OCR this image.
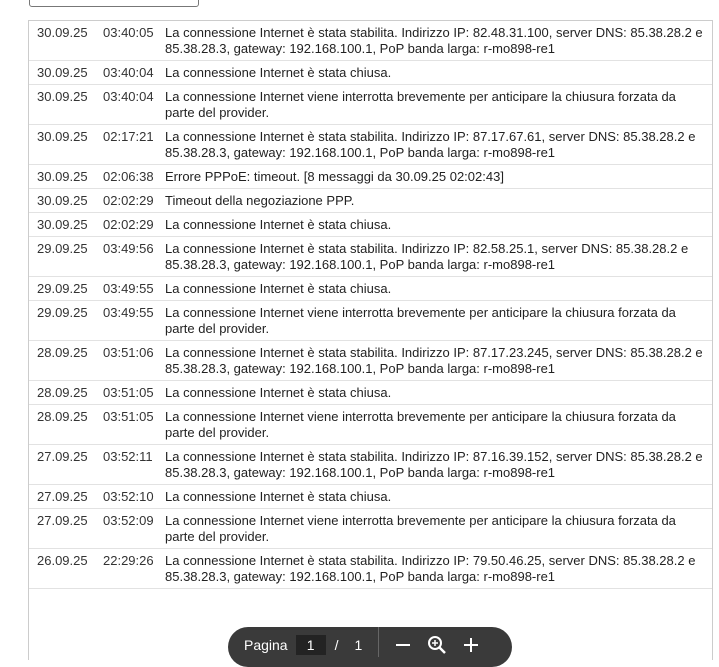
30.09.25	03:40:05 La connessione Internet è stata stabilita. Indirizzo IP: 82.48.31.100, server DNS: 85.38.28.2 e 85.38.28.3, gateway: 192.168.100.1, PoP banda larga: r-mo898-re1
30.09.25	03:40:04 La connessione Internet è stata chiusa.
30.09.25	03:40:04 La connessione Internet viene interrotta brevemente per anticipare la chiusura forzata da parte del provider.
30.09.25	02:17:21 La connessione Internet è stata stabilita. Indirizzo IP: 87.17.67.61, server DNS: 85.38.28.2 e 85.38.28.3, gateway: 192.168.100.1, PoP banda larga: r-mo898-re1
30.09.25	02:06:38 Errore PPPoE: timeout. [8 messaggi da 30.09.25 02:02:43]
30.09.25	02:02:29 Timeout della negoziazione PPP.
30.09.25	02:02:29 La connessione Internet è stata chiusa.
29.09.25	03:49:56 La connessione Internet è stata stabilita. Indirizzo IP: 82.58.25.1, server DNS: 85.38.28.2 e 85.38.28.3, gateway: 192.168.100.1, PoP banda larga: r-mo898-re1
29.09.25	03:49:55 La connessione Internet è stata chiusa.
29.09.25	03:49:55 La connessione Internet viene interrotta brevemente per anticipare la chiusura forzata da parte del provider.
28.09.25	03:51:06 La connessione Internet è stata stabilita. Indirizzo IP: 87.17.23.245, server DNS: 85.38.28.2 e 85.38.28.3, gateway: 192.168.100.1, PoP banda larga: r-mo898-re1
28.09.25	03:51:05 La connessione Internet è stata chiusa.
28.09.25	03:51:05 La connessione Internet viene interrotta brevemente per anticipare la chiusura forzata da parte del provider.
27.09.25	03:52:11 La connessione Internet è stata stabilita. Indirizzo IP: 87.16.39.152, server DNS: 85.38.28.2 e 85.38.28.3, gateway: 192.168.100.1, PoP banda larga: r-mo898-re1
27.09.25	03:52:10 La connessione Internet è stata chiusa.
27.09.25	03:52:09 La connessione Internet viene interrotta brevemente per anticipare la chiusura forzata da parte del provider.
26.09.25	22:29:26 La connessione Internet è stata stabilita. Indirizzo IP: 79.50.46.25, server DNS: 85.38.28.2 e 85.38.28.3, gateway: 192.168.100.1, PoP banda larga: r-mo898-re1
Pagina	1	/ 1
